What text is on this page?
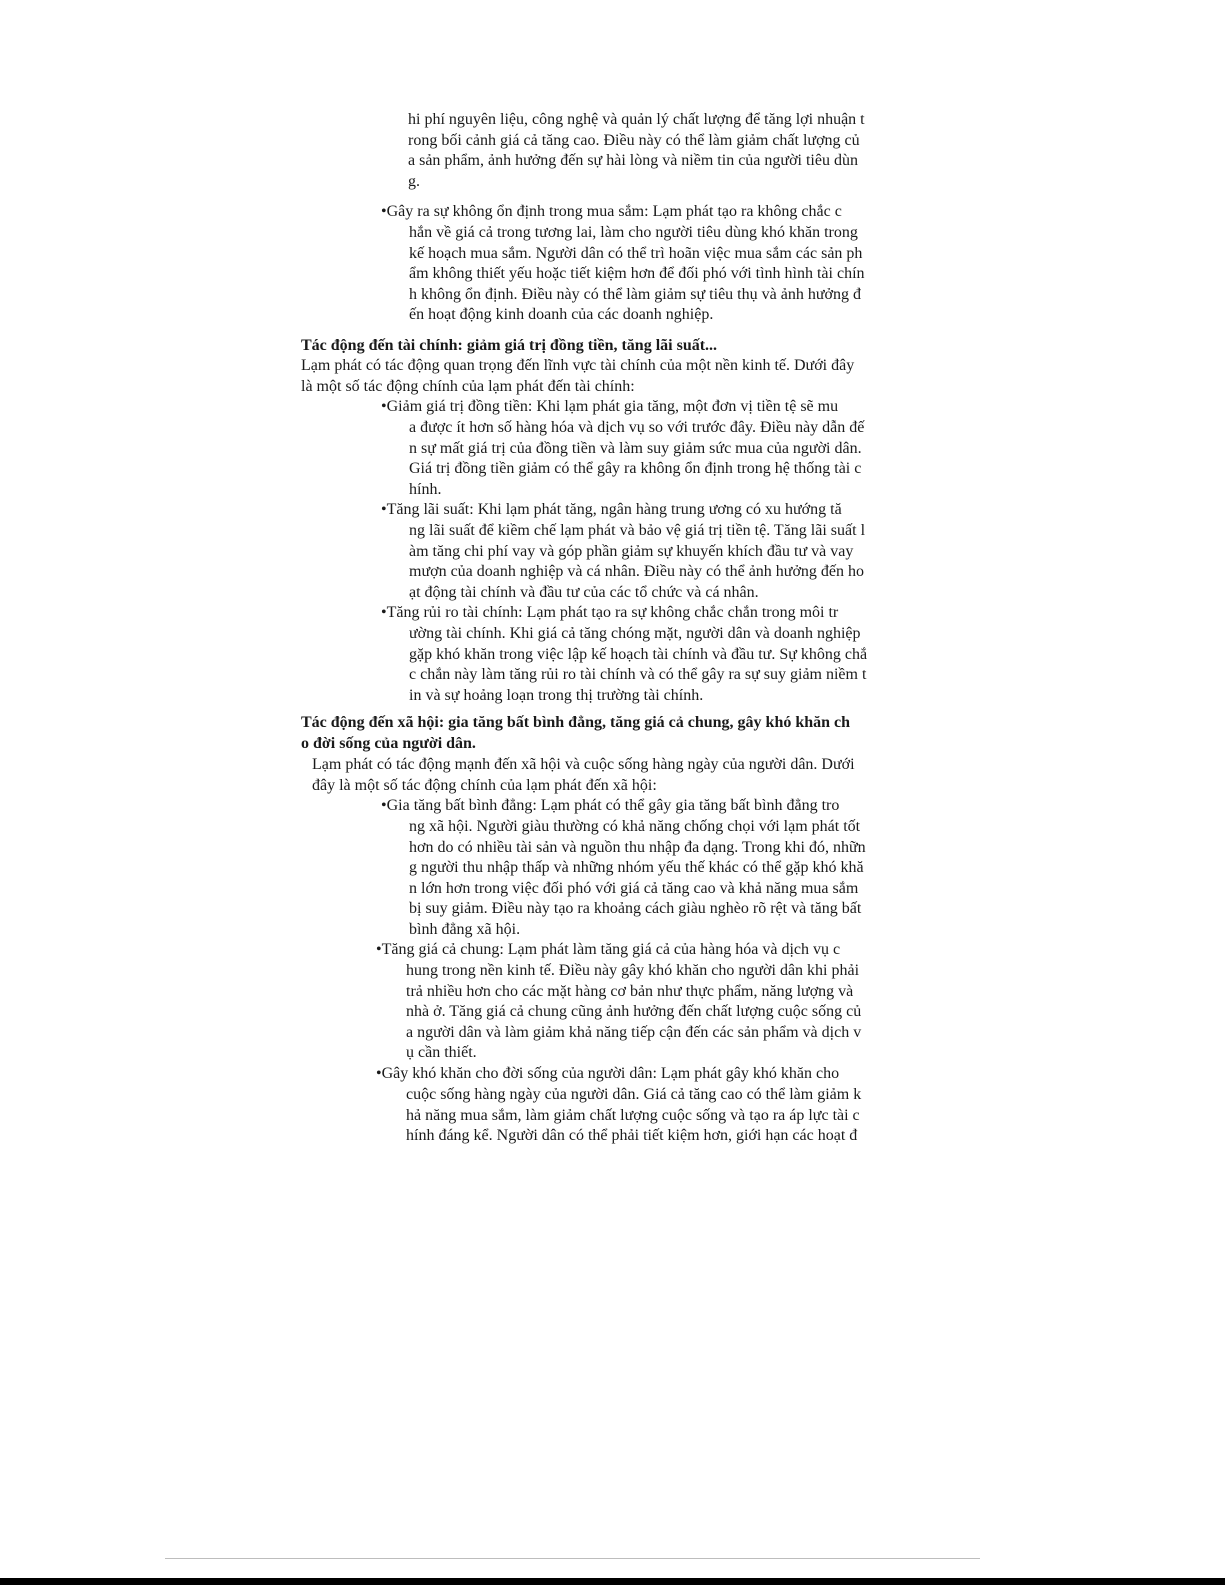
hi phí nguyên liệu, công nghệ và quản lý chất lượng để tăng lợi nhuận t
rong bối cảnh giá cả tăng cao. Điều này có thể làm giảm chất lượng củ
a sản phẩm, ảnh hưởng đến sự hài lòng và niềm tin của người tiêu dùn
g.
•Gây ra sự không ổn định trong mua sắm: Lạm phát tạo ra không chắc c
hắn về giá cả trong tương lai, làm cho người tiêu dùng khó khăn trong
kế hoạch mua sắm. Người dân có thể trì hoãn việc mua sắm các sản ph
ẩm không thiết yếu hoặc tiết kiệm hơn để đối phó với tình hình tài chín
h không ổn định. Điều này có thể làm giảm sự tiêu thụ và ảnh hưởng đ
ến hoạt động kinh doanh của các doanh nghiệp.
Tác động đến tài chính: giảm giá trị đồng tiền, tăng lãi suất...
Lạm phát có tác động quan trọng đến lĩnh vực tài chính của một nền kinh tế. Dưới đây
là một số tác động chính của lạm phát đến tài chính:
•Giảm giá trị đồng tiền: Khi lạm phát gia tăng, một đơn vị tiền tệ sẽ mu
a được ít hơn số hàng hóa và dịch vụ so với trước đây. Điều này dẫn đế
n sự mất giá trị của đồng tiền và làm suy giảm sức mua của người dân.
Giá trị đồng tiền giảm có thể gây ra không ổn định trong hệ thống tài c
hính.
•Tăng lãi suất: Khi lạm phát tăng, ngân hàng trung ương có xu hướng tă
ng lãi suất để kiềm chế lạm phát và bảo vệ giá trị tiền tệ. Tăng lãi suất l
àm tăng chi phí vay và góp phần giảm sự khuyến khích đầu tư và vay
mượn của doanh nghiệp và cá nhân. Điều này có thể ảnh hưởng đến ho
ạt động tài chính và đầu tư của các tổ chức và cá nhân.
•Tăng rủi ro tài chính: Lạm phát tạo ra sự không chắc chắn trong môi tr
ường tài chính. Khi giá cả tăng chóng mặt, người dân và doanh nghiệp
gặp khó khăn trong việc lập kế hoạch tài chính và đầu tư. Sự không chắ
c chắn này làm tăng rủi ro tài chính và có thể gây ra sự suy giảm niềm t
in và sự hoảng loạn trong thị trường tài chính.
Tác động đến xã hội: gia tăng bất bình đẳng, tăng giá cả chung, gây khó khăn ch
o đời sống của người dân.
Lạm phát có tác động mạnh đến xã hội và cuộc sống hàng ngày của người dân. Dưới
đây là một số tác động chính của lạm phát đến xã hội:
•Gia tăng bất bình đẳng: Lạm phát có thể gây gia tăng bất bình đẳng tro
ng xã hội. Người giàu thường có khả năng chống chọi với lạm phát tốt
hơn do có nhiều tài sản và nguồn thu nhập đa dạng. Trong khi đó, nhữn
g người thu nhập thấp và những nhóm yếu thế khác có thể gặp khó khă
n lớn hơn trong việc đối phó với giá cả tăng cao và khả năng mua sắm
bị suy giảm. Điều này tạo ra khoảng cách giàu nghèo rõ rệt và tăng bất
bình đẳng xã hội.
•Tăng giá cả chung: Lạm phát làm tăng giá cả của hàng hóa và dịch vụ c
hung trong nền kinh tế. Điều này gây khó khăn cho người dân khi phải
trả nhiều hơn cho các mặt hàng cơ bản như thực phẩm, năng lượng và
nhà ở. Tăng giá cả chung cũng ảnh hưởng đến chất lượng cuộc sống củ
a người dân và làm giảm khả năng tiếp cận đến các sản phẩm và dịch v
ụ cần thiết.
•Gây khó khăn cho đời sống của người dân: Lạm phát gây khó khăn cho
cuộc sống hàng ngày của người dân. Giá cả tăng cao có thể làm giảm k
hả năng mua sắm, làm giảm chất lượng cuộc sống và tạo ra áp lực tài c
hính đáng kể. Người dân có thể phải tiết kiệm hơn, giới hạn các hoạt đ
